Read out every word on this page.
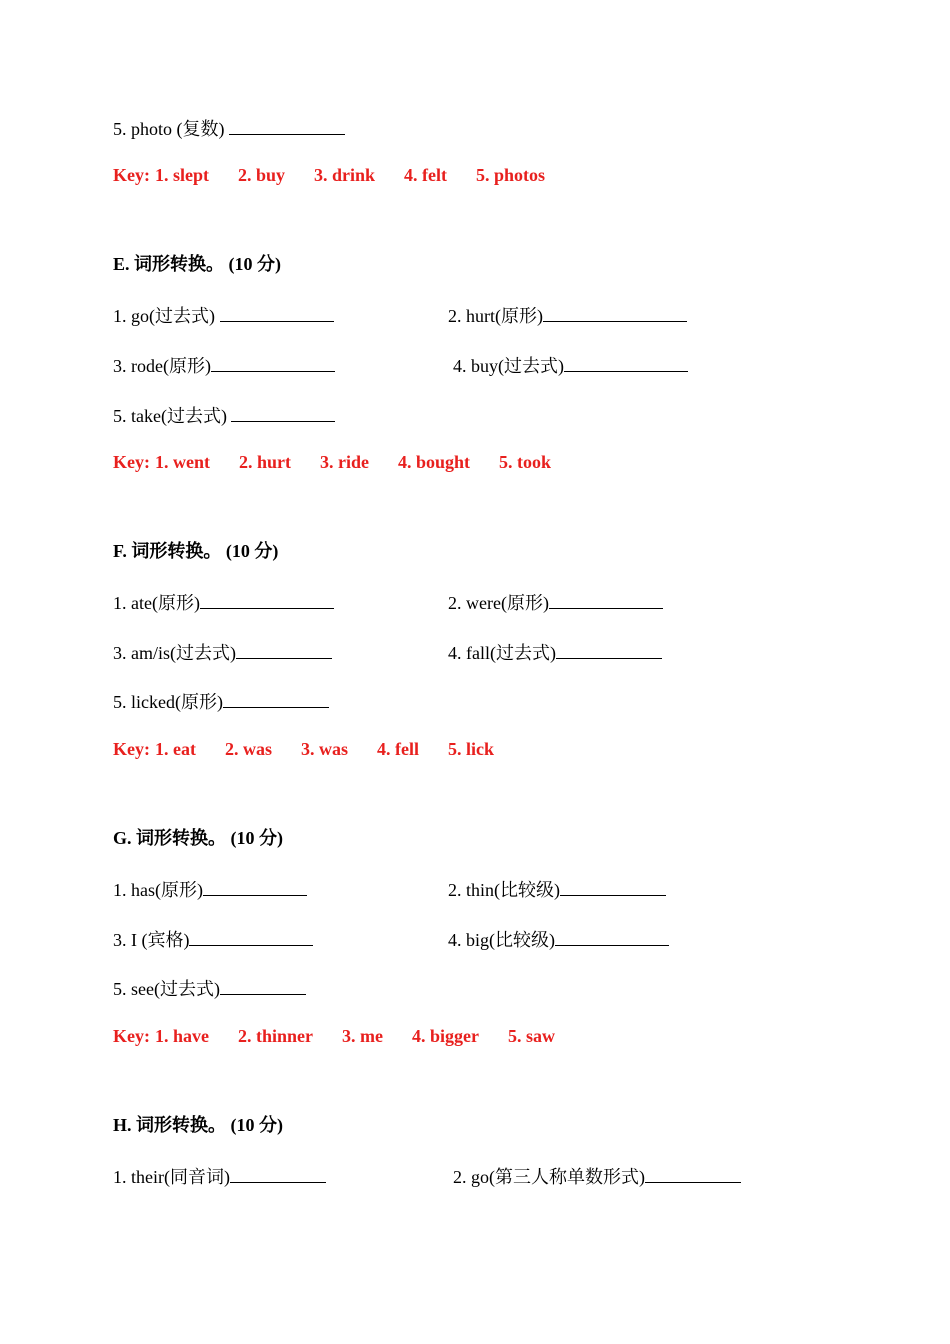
5. photo (复数)
Key: 1. slept 2. buy 3. drink 4. felt 5. photos
E. 词形转换。 (10 分)
1. go(过去式)	2. hurt(原形)
3. rode(原形)	4. buy(过去式)
5. take(过去式)
Key: 1. went 2. hurt 3. ride 4. bought 5. took
F. 词形转换。 (10 分)
1. ate(原形)	2. were(原形)
3. am/is(过去式)	4. fall(过去式)
5. licked(原形)
Key: 1. eat 2. was 3. was 4. fell 5. lick
G. 词形转换。 (10 分)
1. has(原形)	2. thin(比较级)
3. I (宾格)	4. big(比较级)
5. see(过去式)
Key: 1. have 2. thinner 3. me 4. bigger 5. saw
H. 词形转换。 (10 分)
1. their(同音词)	2. go(第三人称单数形式)
